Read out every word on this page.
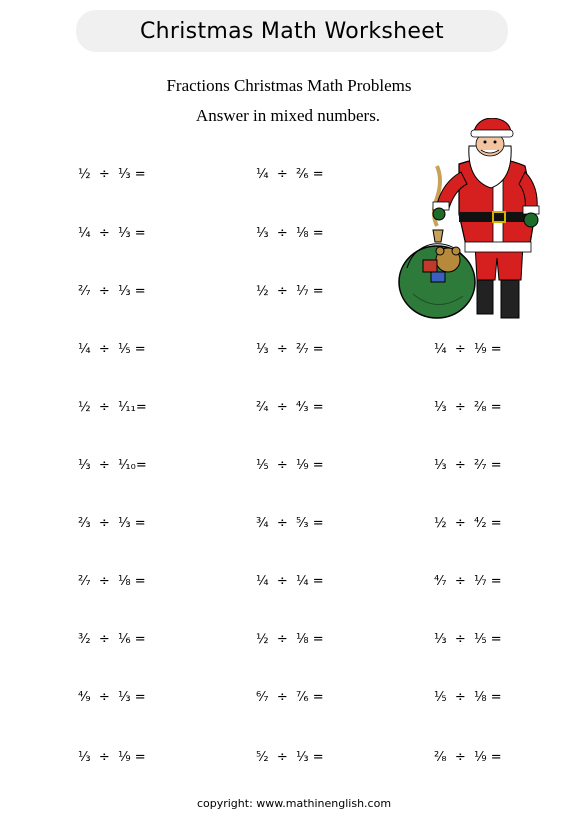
Christmas Math Worksheet
Fractions Christmas Math Problems
Answer in mixed numbers.
½  ÷  ⅓ =
¼  ÷  ⅓ =
²⁄₇  ÷  ⅓ =
¼  ÷  ⅕ =
½  ÷  ¹⁄₁₁=
⅓  ÷  ¹⁄₁₀=
⅔  ÷  ⅓ =
²⁄₇  ÷  ⅛ =
³⁄₂  ÷  ⅙ =
⁴⁄₉  ÷  ⅓ =
⅓  ÷  ⅑ =
¼  ÷  ²⁄₆ =
⅓  ÷  ⅛ =
½  ÷  ⅐ =
⅓  ÷  ²⁄₇ =
²⁄₄  ÷  ⁴⁄₃ =
⅕  ÷  ⅑ =
¾  ÷  ⁵⁄₃ =
¼  ÷  ¼ =
½  ÷  ⅛ =
⁶⁄₇  ÷  ⁷⁄₆ =
⁵⁄₂  ÷  ⅓ =
¼  ÷  ⅑ =
⅓  ÷  ²⁄₈ =
⅓  ÷  ²⁄₇ =
½  ÷  ⁴⁄₂ =
⁴⁄₇  ÷  ⅐ =
⅓  ÷  ⅕ =
⅕  ÷  ⅛ =
²⁄₈  ÷  ⅑ =
copyright: www.mathinenglish.com
